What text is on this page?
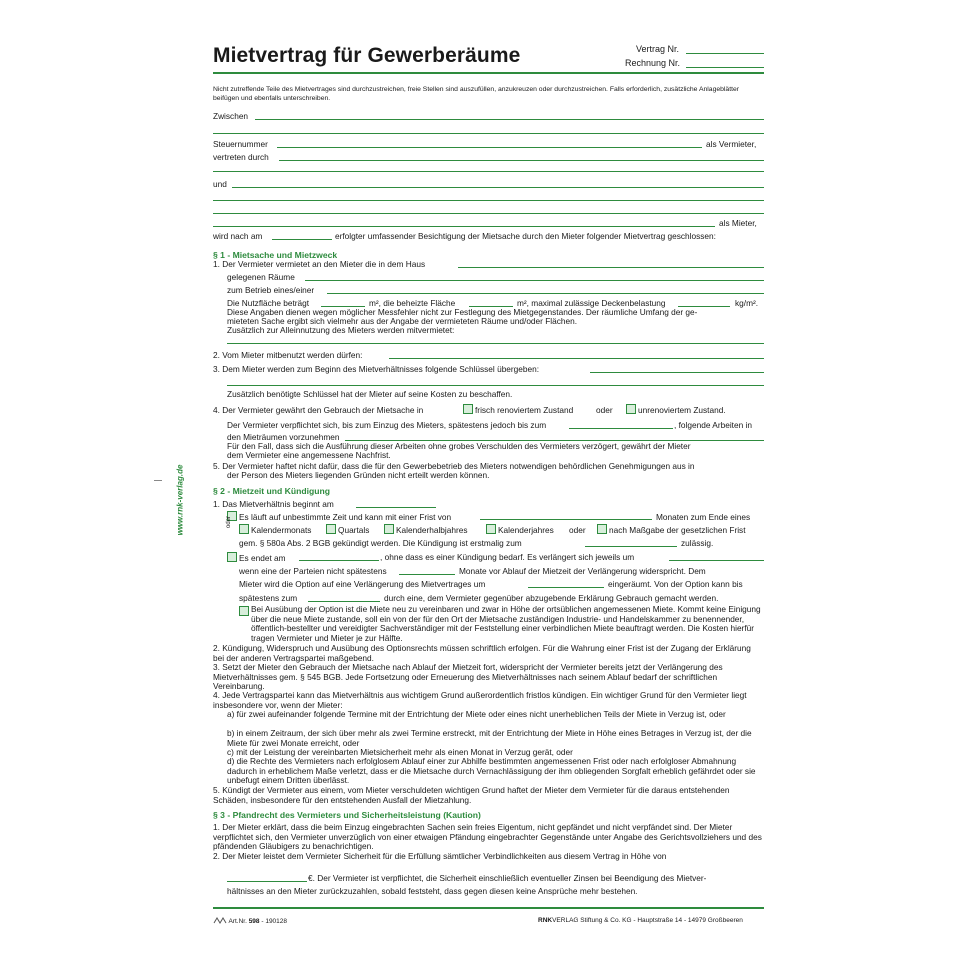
Mietvertrag für Gewerberäume	Vertrag Nr.
Rechnung Nr.
Nicht zutreffende Teile des Mietvertrages sind durchzustreichen, freie Stellen sind auszufüllen, anzukreuzen oder durchzustreichen. Falls erforderlich, zusätzliche Anlageblätter beifügen und ebenfalls unterschreiben.
Zwischen
Steuernummer	als Vermieter,
vertreten durch
und
als Mieter,
wird nach am	erfolgter umfassender Besichtigung der Mietsache durch den Mieter folgender Mietvertrag geschlossen:
§ 1 - Mietsache und Mietzweck
1. Der Vermieter vermietet an den Mieter die in dem Haus
gelegenen Räume
zum Betrieb eines/einer
Die Nutzfläche beträgt	m², die beheizte Fläche	m², maximal zulässige Deckenbelastung	kg/m².
Diese Angaben dienen wegen möglicher Messfehler nicht zur Festlegung des Mietgegenstandes. Der räumliche Umfang der ge-
mieteten Sache ergibt sich vielmehr aus der Angabe der vermieteten Räume und/oder Flächen.
Zusätzlich zur Alleinnutzung des Mieters werden mitvermietet:
2. Vom Mieter mitbenutzt werden dürfen:
3. Dem Mieter werden zum Beginn des Mietverhältnisses folgende Schlüssel übergeben:
Zusätzlich benötigte Schlüssel hat der Mieter auf seine Kosten zu beschaffen.
4. Der Vermieter gewährt den Gebrauch der Mietsache in	frisch renoviertem Zustand	oder	unrenoviertem Zustand.
Der Vermieter verpflichtet sich, bis zum Einzug des Mieters, spätestens jedoch bis zum	, folgende Arbeiten in
den Mieträumen vorzunehmen
Für den Fall, dass sich die Ausführung dieser Arbeiten ohne grobes Verschulden des Vermieters verzögert, gewährt der Mieter
dem Vermieter eine angemessene Nachfrist.
5. Der Vermieter haftet nicht dafür, dass die für den Gewerbebetrieb des Mieters notwendigen behördlichen Genehmigungen aus in
der Person des Mieters liegenden Gründen nicht erteilt werden können.
§ 2 - Mietzeit und Kündigung
1. Das Mietverhältnis beginnt am
Es läuft auf unbestimmte Zeit und kann mit einer Frist von	Monaten zum Ende eines
oder
Kalendermonats	Quartals	Kalenderhalbjahres	Kalenderjahres oder	nach Maßgabe der gesetzlichen Frist
gem. § 580a Abs. 2 BGB gekündigt werden. Die Kündigung ist erstmalig zum	zulässig.
Es endet am	, ohne dass es einer Kündigung bedarf. Es verlängert sich jeweils um
wenn eine der Parteien nicht spätestens	Monate vor Ablauf der Mietzeit der Verlängerung widerspricht. Dem
Mieter wird die Option auf eine Verlängerung des Mietvertrages um	eingeräumt. Von der Option kann bis
spätestens zum	durch eine, dem Vermieter gegenüber abzugebende Erklärung Gebrauch gemacht werden.
Bei Ausübung der Option ist die Miete neu zu vereinbaren und zwar in Höhe der ortsüblichen angemessenen Miete. Kommt keine Einigung über die neue Miete zustande, soll ein von der für den Ort der Mietsache zuständigen Industrie- und Handelskammer zu benennender, öffentlich-bestellter und vereidigter Sachverständiger mit der Feststellung einer verbindlichen Miete beauftragt werden. Die Kosten hierfür tragen Vermieter und Mieter je zur Hälfte.
2. Kündigung, Widerspruch und Ausübung des Optionsrechts müssen schriftlich erfolgen. Für die Wahrung einer Frist ist der Zugang der Erklärung bei der anderen Vertragspartei maßgebend.
3. Setzt der Mieter den Gebrauch der Mietsache nach Ablauf der Mietzeit fort, widerspricht der Vermieter bereits jetzt der Verlängerung des Mietverhältnisses gem. § 545 BGB. Jede Fortsetzung oder Erneuerung des Mietverhältnisses nach seinem Ablauf bedarf der schriftlichen Vereinbarung.
4. Jede Vertragspartei kann das Mietverhältnis aus wichtigem Grund außerordentlich fristlos kündigen. Ein wichtiger Grund für den Vermieter liegt insbesondere vor, wenn der Mieter:
a) für zwei aufeinander folgende Termine mit der Entrichtung der Miete oder eines nicht unerheblichen Teils der Miete in Verzug ist, oder
b) in einem Zeitraum, der sich über mehr als zwei Termine erstreckt, mit der Entrichtung der Miete in Höhe eines Betrages in Verzug ist, der die Miete für zwei Monate erreicht, oder
c) mit der Leistung der vereinbarten Mietsicherheit mehr als einen Monat in Verzug gerät, oder
d) die Rechte des Vermieters nach erfolglosem Ablauf einer zur Abhilfe bestimmten angemessenen Frist oder nach erfolgloser Abmahnung dadurch in erheblichem Maße verletzt, dass er die Mietsache durch Vernachlässigung der ihm obliegenden Sorgfalt erheblich gefährdet oder sie unbefugt einem Dritten überlässt.
5. Kündigt der Vermieter aus einem, vom Mieter verschuldeten wichtigen Grund haftet der Mieter dem Vermieter für die daraus entstehenden Schäden, insbesondere für den entstehenden Ausfall der Mietzahlung.
§ 3 - Pfandrecht des Vermieters und Sicherheitsleistung (Kaution)
1. Der Mieter erklärt, dass die beim Einzug eingebrachten Sachen sein freies Eigentum, nicht gepfändet und nicht verpfändet sind. Der Mieter verpflichtet sich, den Vermieter unverzüglich von einer etwaigen Pfändung eingebrachter Gegenstände unter Angabe des Gerichtsvollziehers und des pfändenden Gläubigers zu benachrichtigen.
2. Der Mieter leistet dem Vermieter Sicherheit für die Erfüllung sämtlicher Verbindlichkeiten aus diesem Vertrag in Höhe von
€. Der Vermieter ist verpflichtet, die Sicherheit einschließlich eventueller Zinsen bei Beendigung des Mietver-
hältnisses an den Mieter zurückzuzahlen, sobald feststeht, dass gegen diesen keine Ansprüche mehr bestehen.
Art.Nr. 598 - 190128	RNKVERLAG Stiftung & Co. KG - Hauptstraße 14 - 14979 Großbeeren
www.rnk-verlag.de
